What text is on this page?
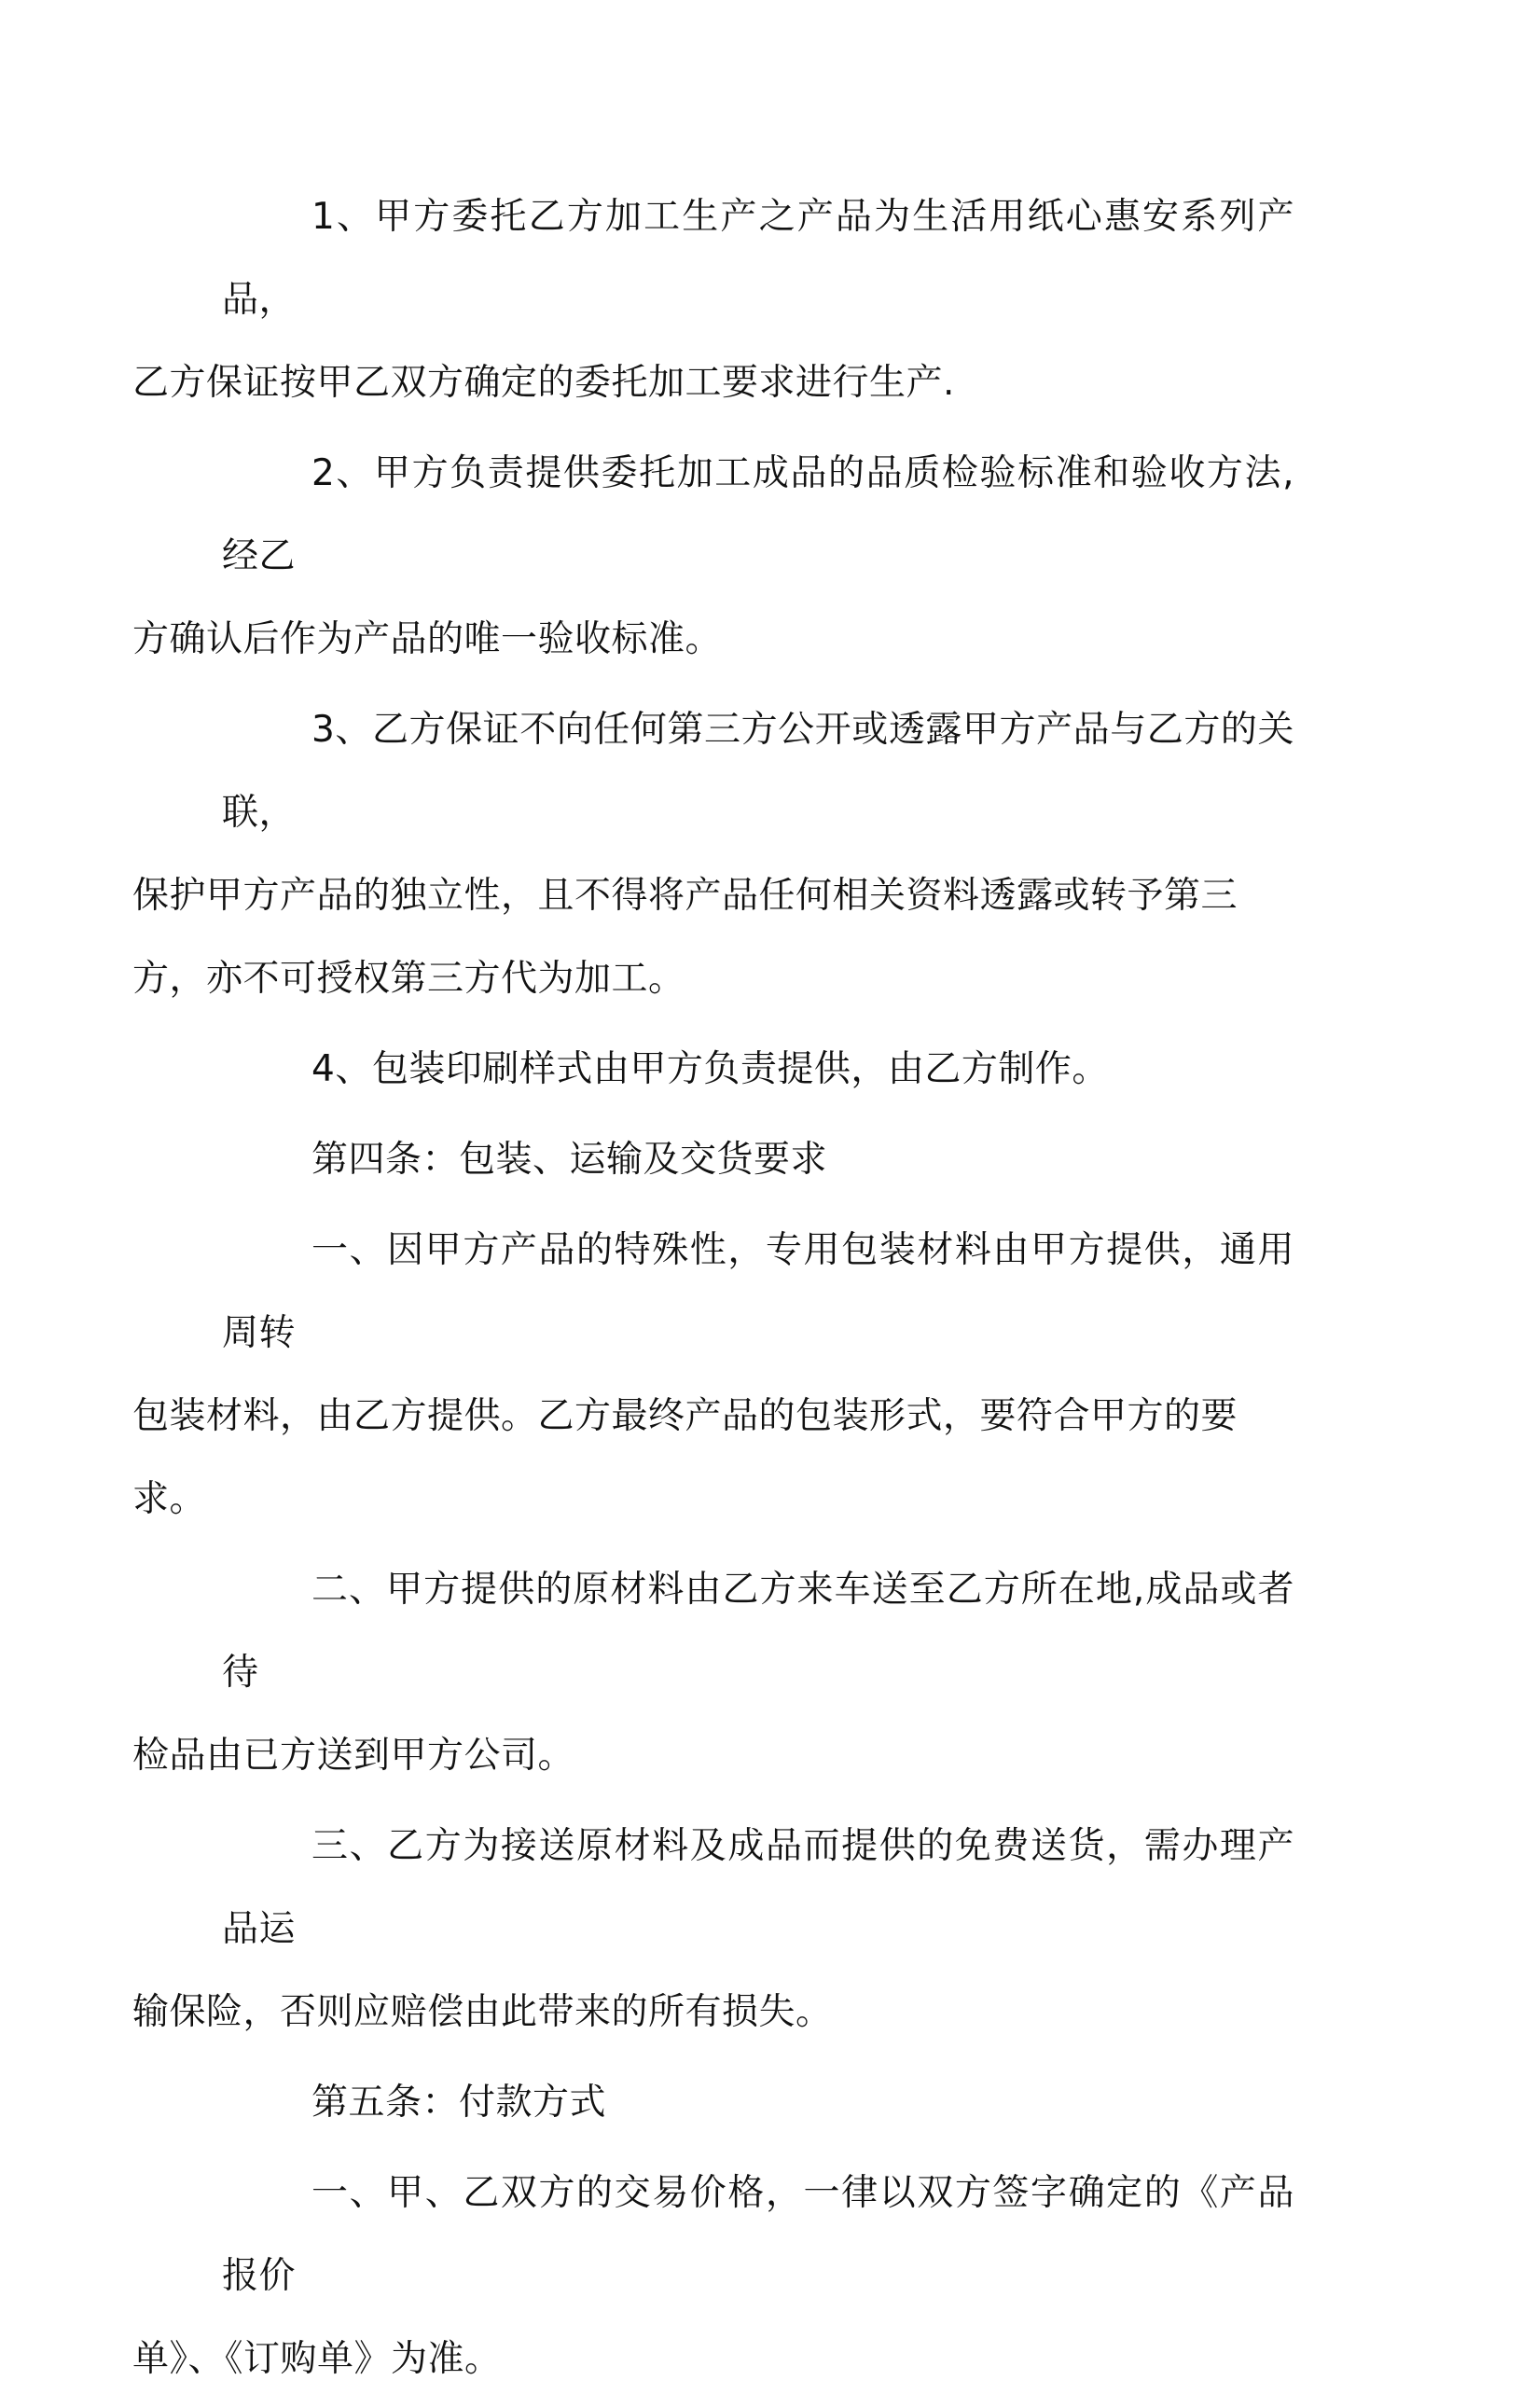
1、甲方委托乙方加工生产之产品为生活用纸心惠安系列产品，
乙方保证按甲乙双方确定的委托加工要求进行生产.

2、甲方负责提供委托加工成品的品质检验标准和验收方法,经乙
方确认后作为产品的唯一验收标准。

3、乙方保证不向任何第三方公开或透露甲方产品与乙方的关联，
保护甲方产品的独立性，且不得将产品任何相关资料透露或转予第三
方，亦不可授权第三方代为加工。

4、包装印刷样式由甲方负责提供，由乙方制作。

第四条：包装、运输及交货要求

一、因甲方产品的特殊性，专用包装材料由甲方提供，通用周转
包装材料，由乙方提供。乙方最终产品的包装形式，要符合甲方的要
求。

二、甲方提供的原材料由乙方来车送至乙方所在地,成品或者待
检品由已方送到甲方公司。

三、乙方为接送原材料及成品而提供的免费送货，需办理产品运
输保险，否则应赔偿由此带来的所有损失。

第五条：付款方式

一、甲、乙双方的交易价格，一律以双方签字确定的《产品报价
单》、《订购单》为准。
